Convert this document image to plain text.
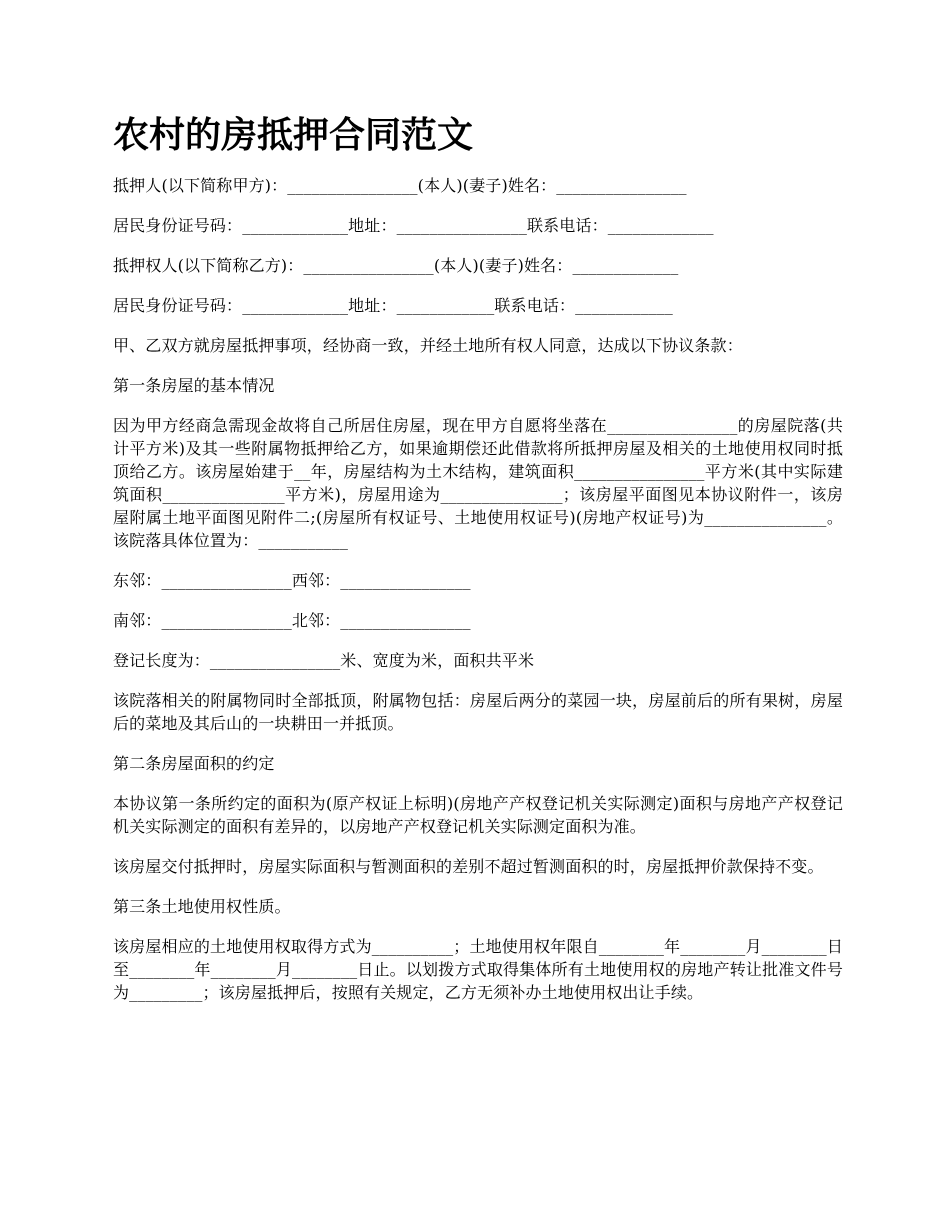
农村的房抵押合同范文

抵押人(以下简称甲方)：________________(本人)(妻子)姓名：________________

居民身份证号码：_____________地址：________________联系电话：_____________

抵押权人(以下简称乙方)：________________(本人)(妻子)姓名：_____________

居民身份证号码：_____________地址：____________联系电话：____________

甲、乙双方就房屋抵押事项，经协商一致，并经土地所有权人同意，达成以下协议条款：

第一条房屋的基本情况

因为甲方经商急需现金故将自己所居住房屋，现在甲方自愿将坐落在________________的房屋院落(共计平方米)及其一些附属物抵押给乙方，如果逾期偿还此借款将所抵押房屋及相关的土地使用权同时抵顶给乙方。该房屋始建于__年，房屋结构为土木结构，建筑面积________________平方米(其中实际建筑面积_______________平方米)，房屋用途为_______________；该房屋平面图见本协议附件一，该房屋附属土地平面图见附件二;(房屋所有权证号、土地使用权证号)(房地产权证号)为_______________。该院落具体位置为：___________

东邻：________________西邻：________________

南邻：________________北邻：________________

登记长度为：________________米、宽度为米，面积共平米

该院落相关的附属物同时全部抵顶，附属物包括：房屋后两分的菜园一块，房屋前后的所有果树，房屋后的菜地及其后山的一块耕田一并抵顶。

第二条房屋面积的约定

本协议第一条所约定的面积为(原产权证上标明)(房地产产权登记机关实际测定)面积与房地产产权登记机关实际测定的面积有差异的，以房地产产权登记机关实际测定面积为准。

该房屋交付抵押时，房屋实际面积与暂测面积的差别不超过暂测面积的时，房屋抵押价款保持不变。

第三条土地使用权性质。

该房屋相应的土地使用权取得方式为__________；土地使用权年限自________年________月________日至________年________月________日止。以划拨方式取得集体所有土地使用权的房地产转让批准文件号为_________；该房屋抵押后，按照有关规定，乙方无须补办土地使用权出让手续。
